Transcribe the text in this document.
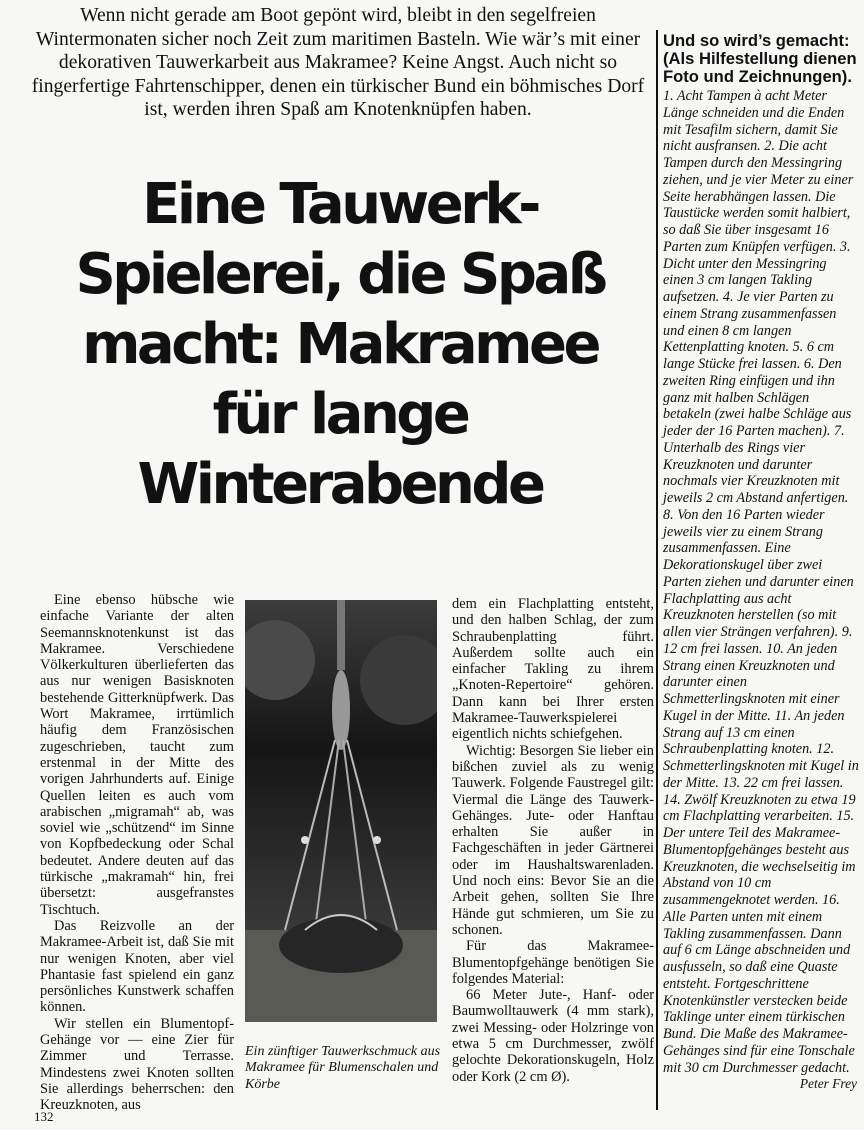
Wenn nicht gerade am Boot gepönt wird, bleibt in den segelfreien Wintermonaten sicher noch Zeit zum maritimen Basteln. Wie wär’s mit einer dekorativen Tauwerkarbeit aus Makramee? Keine Angst. Auch nicht so fingerfertige Fahrtenschipper, denen ein türkischer Bund ein böhmisches Dorf ist, werden ihren Spaß am Knotenknüpfen haben.

Eine Tauwerk-Spielerei, die Spaß macht: Makramee für lange Winterabende

Eine ebenso hübsche wie einfache Variante der alten Seemannsknotenkunst ist das Makramee. Verschiedene Völkerkulturen überlieferten das aus nur wenigen Basisknoten bestehende Gitterknüpfwerk. Das Wort Makramee, irrtümlich häufig dem Französischen zugeschrieben, taucht zum erstenmal in der Mitte des vorigen Jahrhunderts auf. Einige Quellen leiten es auch vom arabischen „migramah“ ab, was soviel wie „schützend“ im Sinne von Kopfbedeckung oder Schal bedeutet. Andere deuten auf das türkische „makramah“ hin, frei übersetzt: ausgefranstes Tischtuch.

Das Reizvolle an der Makramee-Arbeit ist, daß Sie mit nur wenigen Knoten, aber viel Phantasie fast spielend ein ganz persönliches Kunstwerk schaffen können.

Wir stellen ein Blumentopf-Gehänge vor — eine Zier für Zimmer und Terrasse. Mindestens zwei Knoten sollten Sie allerdings beherrschen: den Kreuzknoten, aus

dem ein Flachplatting entsteht, und den halben Schlag, der zum Schraubenplatting führt. Außerdem sollte auch ein einfacher Takling zu ihrem „Knoten-Repertoire“ gehören. Dann kann bei Ihrer ersten Makramee-Tauwerkspielerei eigentlich nichts schiefgehen.

Wichtig: Besorgen Sie lieber ein bißchen zuviel als zu wenig Tauwerk. Folgende Faustregel gilt: Viermal die Länge des Tauwerk-Gehänges. Jute- oder Hanftau erhalten Sie außer in Fachgeschäften in jeder Gärtnerei oder im Haushaltswarenladen. Und noch eins: Bevor Sie an die Arbeit gehen, sollten Sie Ihre Hände gut schmieren, um Sie zu schonen.

Für das Makramee-Blumentopfgehänge benötigen Sie folgendes Material:

66 Meter Jute-, Hanf- oder Baumwolltauwerk (4 mm stark), zwei Messing- oder Holzringe von etwa 5 cm Durchmesser, zwölf gelochte Dekorationskugeln, Holz oder Kork (2 cm Ø).

Ein zünftiger Tauwerkschmuck aus Makramee für Blumenschalen und Körbe

132

Und so wird’s gemacht: (Als Hilfestellung dienen Foto und Zeichnungen).

1. Acht Tampen à acht Meter Länge schneiden und die Enden mit Tesafilm sichern, damit Sie nicht ausfransen. 2. Die acht Tampen durch den Messingring ziehen, und je vier Meter zu einer Seite herabhängen lassen. Die Taustücke werden somit halbiert, so daß Sie über insgesamt 16 Parten zum Knüpfen verfügen. 3. Dicht unter den Messingring einen 3 cm langen Takling aufsetzen. 4. Je vier Parten zu einem Strang zusammenfassen und einen 8 cm langen Kettenplatting knoten. 5. 6 cm lange Stücke frei lassen. 6. Den zweiten Ring einfügen und ihn ganz mit halben Schlägen betakeln (zwei halbe Schläge aus jeder der 16 Parten machen). 7. Unterhalb des Rings vier Kreuzknoten und darunter nochmals vier Kreuzknoten mit jeweils 2 cm Abstand anfertigen. 8. Von den 16 Parten wieder jeweils vier zu einem Strang zusammenfassen. Eine Dekorationskugel über zwei Parten ziehen und darunter einen Flachplatting aus acht Kreuzknoten herstellen (so mit allen vier Strängen verfahren). 9. 12 cm frei lassen. 10. An jeden Strang einen Kreuzknoten und darunter einen Schmetterlingsknoten mit einer Kugel in der Mitte. 11. An jeden Strang auf 13 cm einen Schraubenplatting knoten. 12. Schmetterlingsknoten mit Kugel in der Mitte. 13. 22 cm frei lassen. 14. Zwölf Kreuzknoten zu etwa 19 cm Flachplatting verarbeiten. 15. Der untere Teil des Makramee-Blumentopfgehänges besteht aus Kreuzknoten, die wechselseitig im Abstand von 10 cm zusammengeknotet werden. 16. Alle Parten unten mit einem Takling zusammenfassen. Dann auf 6 cm Länge abschneiden und ausfusseln, so daß eine Quaste entsteht. Fortgeschrittene Knotenkünstler verstecken beide Taklinge unter einem türkischen Bund. Die Maße des Makramee-Gehänges sind für eine Tonschale mit 30 cm Durchmesser gedacht.

Peter Frey
